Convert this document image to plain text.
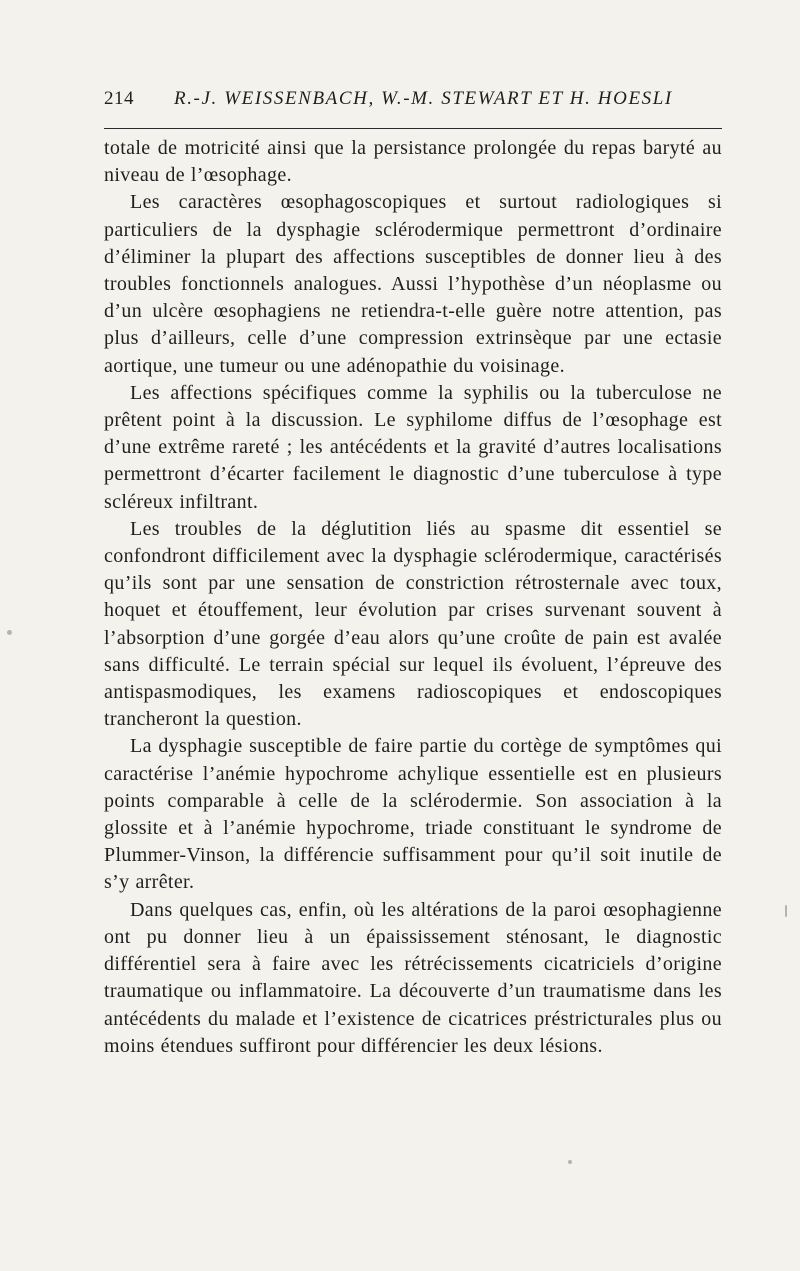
214 R.-J. WEISSENBACH, W.-M. STEWART ET H. HOESLI

totale de motricité ainsi que la persistance prolongée du repas baryté au niveau de l’œsophage.

Les caractères œsophagoscopiques et surtout radiologiques si particuliers de la dysphagie sclérodermique permettront d’ordinaire d’éliminer la plupart des affections susceptibles de donner lieu à des troubles fonctionnels analogues. Aussi l’hypothèse d’un néoplasme ou d’un ulcère œsophagiens ne retiendra-t-elle guère notre attention, pas plus d’ailleurs, celle d’une compression extrinsèque par une ectasie aortique, une tumeur ou une adénopathie du voisinage.

Les affections spécifiques comme la syphilis ou la tuberculose ne prêtent point à la discussion. Le syphilome diffus de l’œsophage est d’une extrême rareté ; les antécédents et la gravité d’autres localisations permettront d’écarter facilement le diagnostic d’une tuberculose à type scléreux infiltrant.

Les troubles de la déglutition liés au spasme dit essentiel se confondront difficilement avec la dysphagie sclérodermique, caractérisés qu’ils sont par une sensation de constriction rétrosternale avec toux, hoquet et étouffement, leur évolution par crises survenant souvent à l’absorption d’une gorgée d’eau alors qu’une croûte de pain est avalée sans difficulté. Le terrain spécial sur lequel ils évoluent, l’épreuve des antispasmodiques, les examens radioscopiques et endoscopiques trancheront la question.

La dysphagie susceptible de faire partie du cortège de symptômes qui caractérise l’anémie hypochrome achylique essentielle est en plusieurs points comparable à celle de la sclérodermie. Son association à la glossite et à l’anémie hypochrome, triade constituant le syndrome de Plummer-Vinson, la différencie suffisamment pour qu’il soit inutile de s’y arrêter.

Dans quelques cas, enfin, où les altérations de la paroi œsophagienne ont pu donner lieu à un épaississement sténosant, le diagnostic différentiel sera à faire avec les rétrécissements cicatriciels d’origine traumatique ou inflammatoire. La découverte d’un traumatisme dans les antécédents du malade et l’existence de cicatrices préstricturales plus ou moins étendues suffiront pour différencier les deux lésions.
